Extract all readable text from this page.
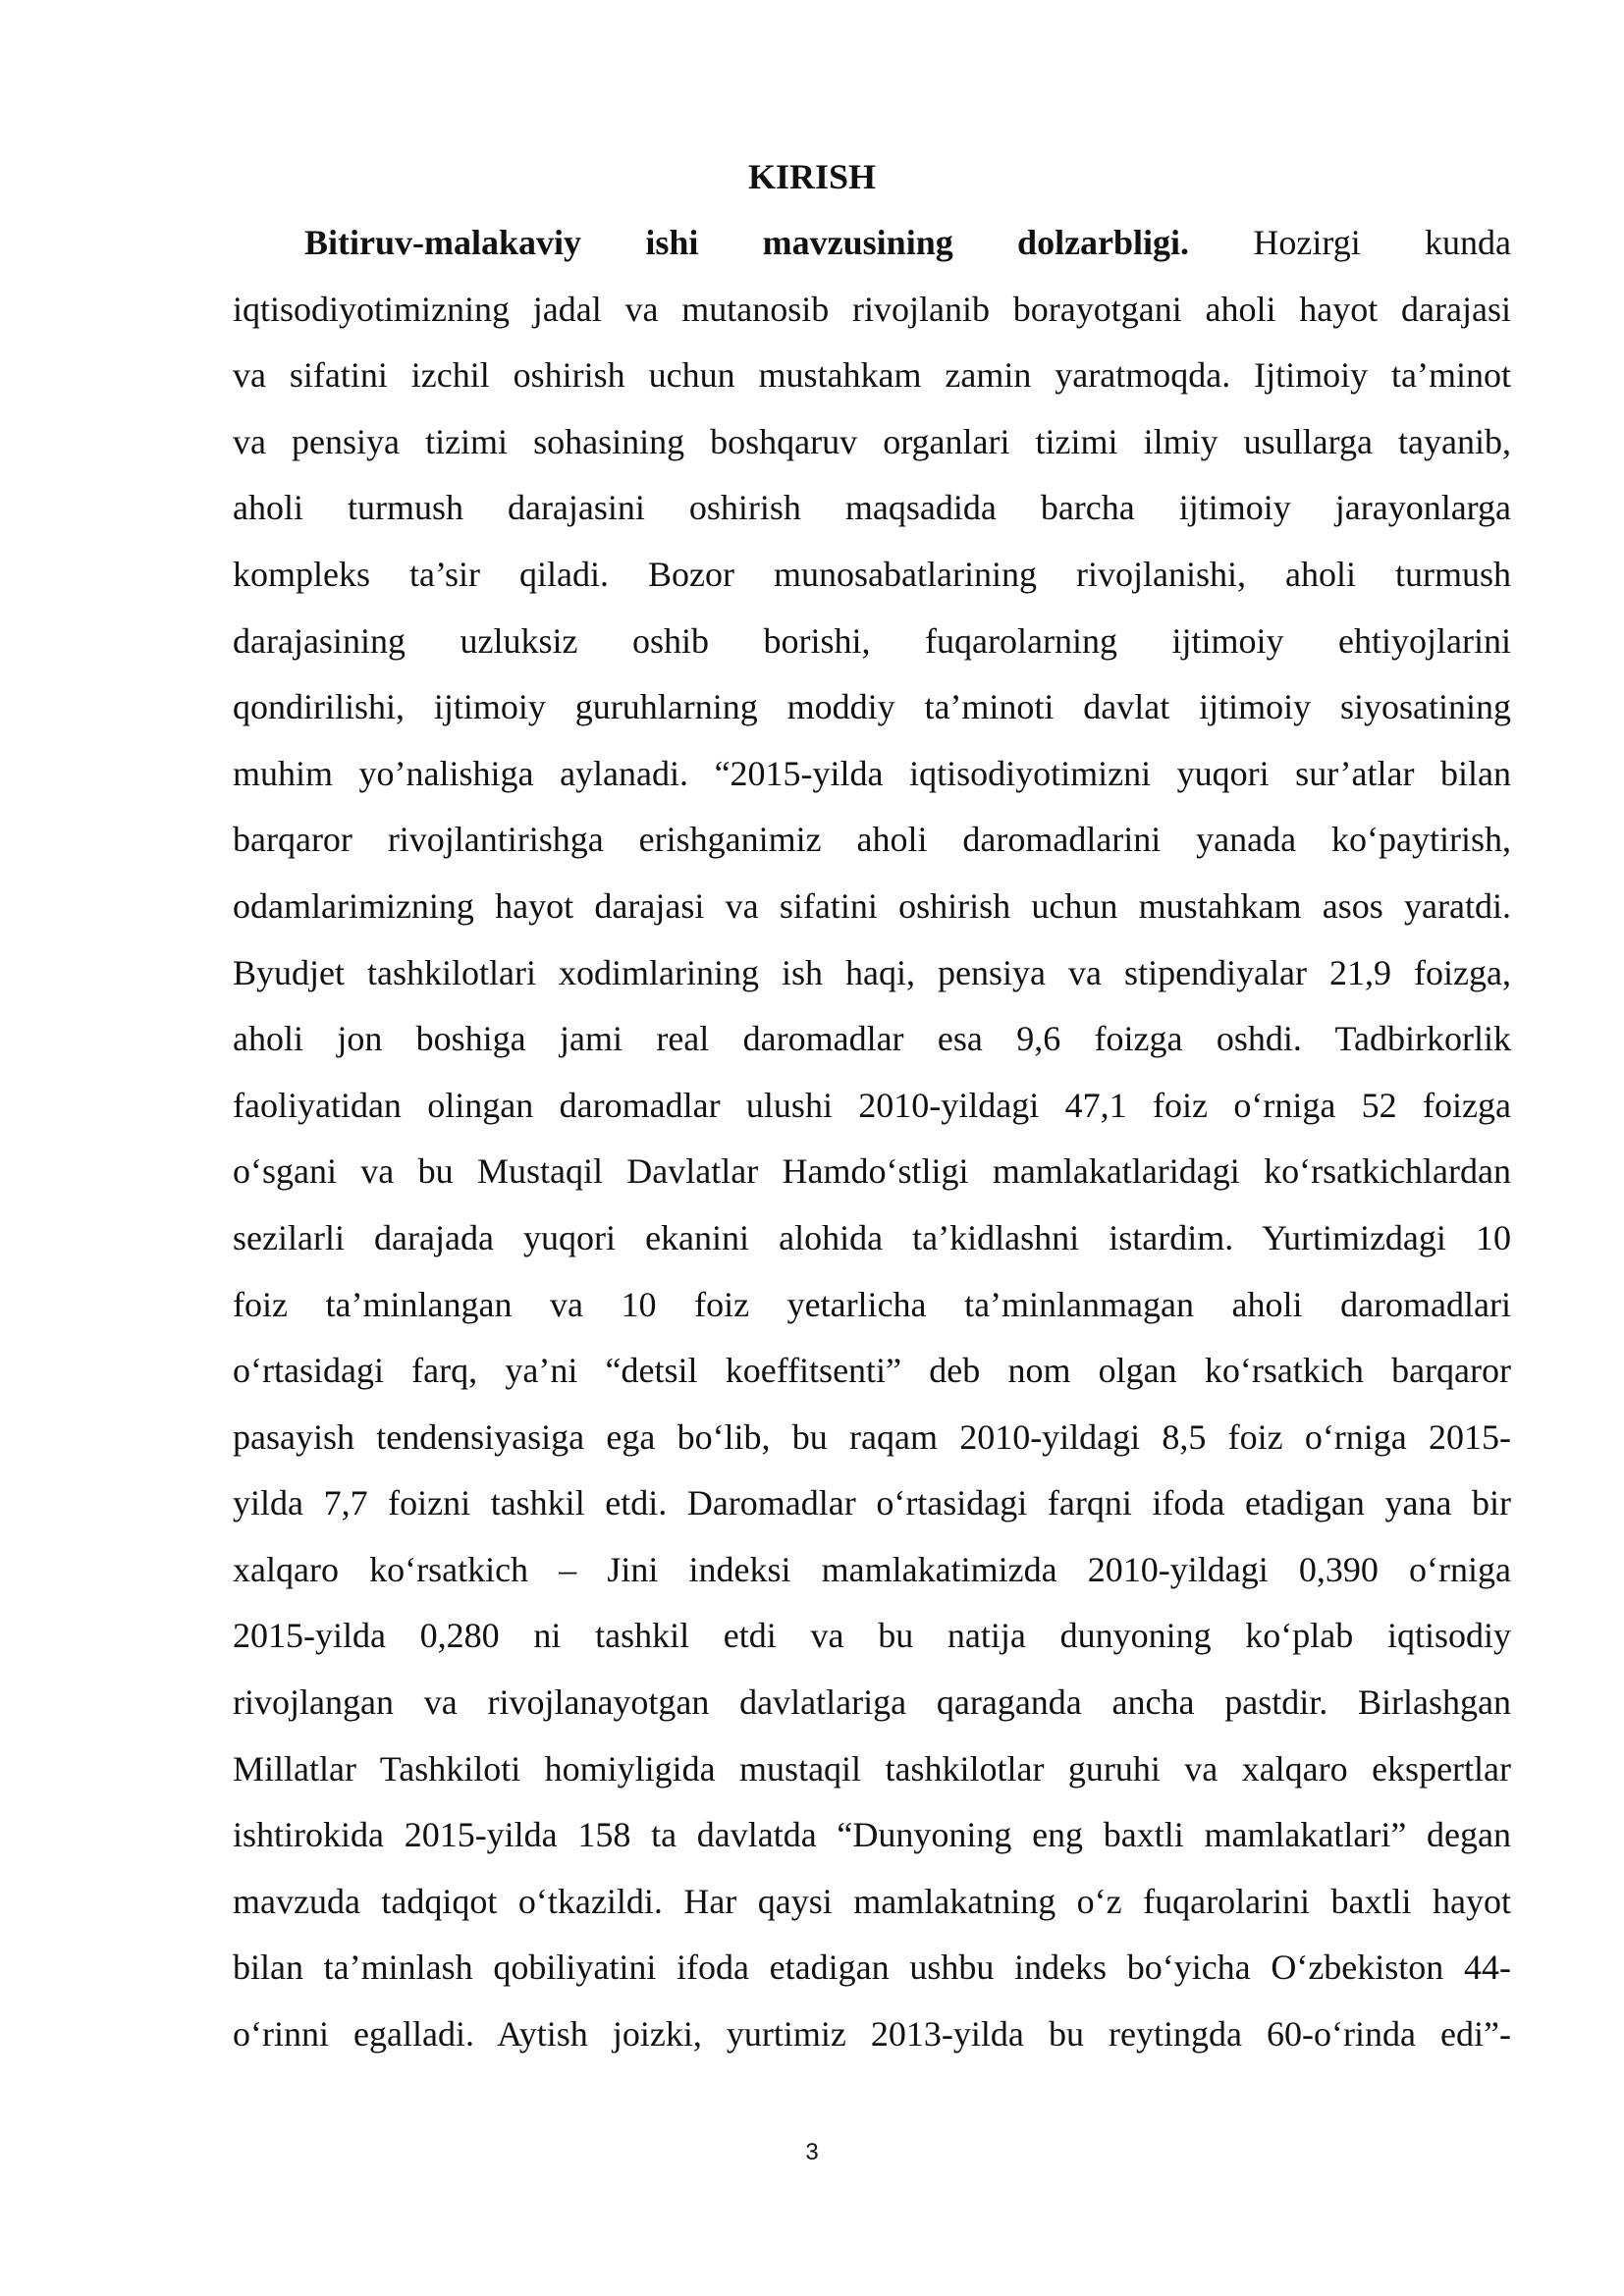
KIRISH
Bitiruv-malakaviy ishi mavzusining dolzarbligi. Hozirgi kunda
iqtisodiyotimizning jadal va mutanosib rivojlanib borayotgani aholi hayot darajasi
va sifatini izchil oshirish uchun mustahkam zamin yaratmoqda. Ijtimoiy ta’minot
va pensiya tizimi sohasining boshqaruv organlari tizimi ilmiy usullarga tayanib,
aholi turmush darajasini oshirish maqsadida barcha ijtimoiy jarayonlarga
kompleks ta’sir qiladi. Bozor munosabatlarining rivojlanishi, aholi turmush
darajasining uzluksiz oshib borishi, fuqarolarning ijtimoiy ehtiyojlarini
qondirilishi, ijtimoiy guruhlarning moddiy ta’minoti davlat ijtimoiy siyosatining
muhim yo’nalishiga aylanadi. “2015-yilda iqtisodiyotimizni yuqori sur’atlar bilan
barqaror rivojlantirishga erishganimiz aholi daromadlarini yanada ko‘paytirish,
odamlarimizning hayot darajasi va sifatini oshirish uchun mustahkam asos yaratdi.
Byudjet tashkilotlari xodimlarining ish haqi, pensiya va stipendiyalar 21,9 foizga,
aholi jon boshiga jami real daromadlar esa 9,6 foizga oshdi. Tadbirkorlik
faoliyatidan olingan daromadlar ulushi 2010-yildagi 47,1 foiz o‘rniga 52 foizga
o‘sgani va bu Mustaqil Davlatlar Hamdo‘stligi mamlakatlaridagi ko‘rsatkichlardan
sezilarli darajada yuqori ekanini alohida ta’kidlashni istardim. Yurtimizdagi 10
foiz ta’minlangan va 10 foiz yetarlicha ta’minlanmagan aholi daromadlari
o‘rtasidagi farq, ya’ni “detsil koeffitsenti” deb nom olgan ko‘rsatkich barqaror
pasayish tendensiyasiga ega bo‘lib, bu raqam 2010-yildagi 8,5 foiz o‘rniga 2015-
yilda 7,7 foizni tashkil etdi. Daromadlar o‘rtasidagi farqni ifoda etadigan yana bir
xalqaro ko‘rsatkich – Jini indeksi mamlakatimizda 2010-yildagi 0,390 o‘rniga
2015-yilda 0,280 ni tashkil etdi va bu natija dunyoning ko‘plab iqtisodiy
rivojlangan va rivojlanayotgan davlatlariga qaraganda ancha pastdir. Birlashgan
Millatlar Tashkiloti homiyligida mustaqil tashkilotlar guruhi va xalqaro ekspertlar
ishtirokida 2015-yilda 158 ta davlatda “Dunyoning eng baxtli mamlakatlari” degan
mavzuda tadqiqot o‘tkazildi. Har qaysi mamlakatning o‘z fuqarolarini baxtli hayot
bilan ta’minlash qobiliyatini ifoda etadigan ushbu indeks bo‘yicha O‘zbekiston 44-
o‘rinni egalladi. Aytish joizki, yurtimiz 2013-yilda bu reytingda 60-o‘rinda edi”-
3
